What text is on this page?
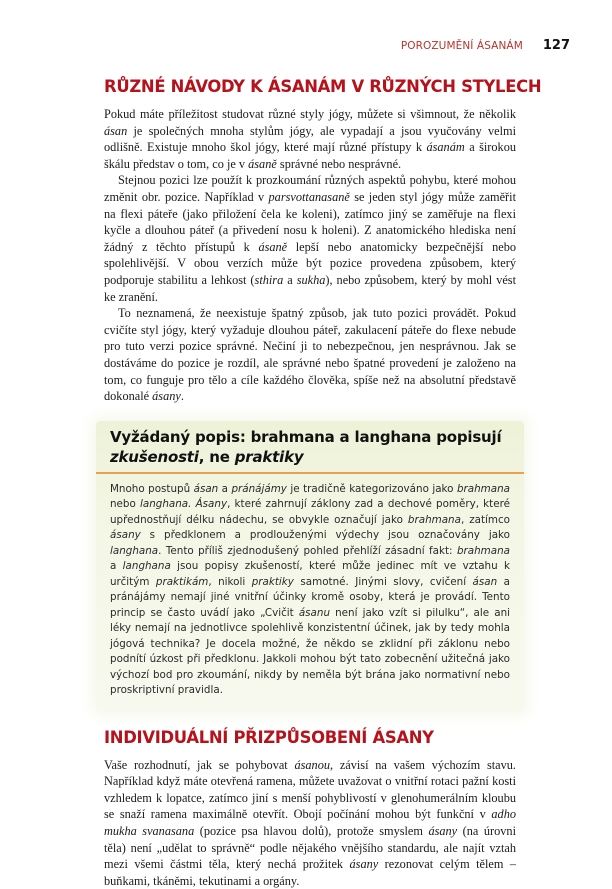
POROZUMĚNÍ ÁSANÁM 127
RŮZNÉ NÁVODY K ÁSANÁM V RŮZNÝCH STYLECH

Pokud máte příležitost studovat různé styly jógy, můžete si všimnout, že několik ásan je společných mnoha stylům jógy, ale vypadají a jsou vyučovány velmi odlišně. Existuje mnoho škol jógy, které mají různé přístupy k ásanám a širokou škálu představ o tom, co je v ásaně správné nebo nesprávné.

Stejnou pozici lze použít k prozkoumání různých aspektů pohybu, které mohou změnit obr. pozice. Například v parsvottanasaně se jeden styl jógy může zaměřit na flexi páteře (jako přiložení čela ke koleni), zatímco jiný se zaměřuje na flexi kyčle a dlouhou páteř (a přivedení nosu k holeni). Z anatomického hlediska není žádný z těchto přístupů k ásaně lepší nebo anatomicky bezpečnější nebo spolehlivější. V obou verzích může být pozice provedena způsobem, který podporuje stabilitu a lehkost (sthira a sukha), nebo způsobem, který by mohl vést ke zranění.

To neznamená, že neexistuje špatný způsob, jak tuto pozici provádět. Pokud cvičíte styl jógy, který vyžaduje dlouhou páteř, zakulacení páteře do flexe nebude pro tuto verzi pozice správné. Nečiní ji to nebezpečnou, jen nesprávnou. Jak se dostáváme do pozice je rozdíl, ale správné nebo špatné provedení je založeno na tom, co funguje pro tělo a cíle každého člověka, spíše než na absolutní představě dokonalé ásany.

Vyžádaný popis: brahmana a langhana popisují zkušenosti, ne praktiky

Mnoho postupů ásan a pránájámy je tradičně kategorizováno jako brahmana nebo langhana. Ásany, které zahrnují záklony zad a dechové poměry, které upřednostňují délku nádechu, se obvykle označují jako brahmana, zatímco ásany s předklonem a prodlouženými výdechy jsou označovány jako langhana. Tento příliš zjednodušený pohled přehlíží zásadní fakt: brahmana a langhana jsou popisy zkušeností, které může jedinec mít ve vztahu k určitým praktikám, nikoli praktiky samotné. Jinými slovy, cvičení ásan a pránájámy nemají jiné vnitřní účinky kromě osoby, která je provádí. Tento princip se často uvádí jako „Cvičit ásanu není jako vzít si pilulku“, ale ani léky nemají na jednotlivce spolehlivě konzistentní účinek, jak by tedy mohla jógová technika? Je docela možné, že někdo se zklidní při záklonu nebo podnítí úzkost při předklonu. Jakkoli mohou být tato zobecnění užitečná jako výchozí bod pro zkoumání, nikdy by neměla být brána jako normativní nebo proskriptivní pravidla.

INDIVIDUÁLNÍ PŘIZPŮSOBENÍ ÁSANY

Vaše rozhodnutí, jak se pohybovat ásanou, závisí na vašem výchozím stavu. Například když máte otevřená ramena, můžete uvažovat o vnitřní rotaci pažní kosti vzhledem k lopatce, zatímco jiní s menší pohyblivostí v glenohumerálním kloubu se snaží ramena maximálně otevřít. Obojí počínání mohou být funkční v adho mukha svanasana (pozice psa hlavou dolů), protože smyslem ásany (na úrovni těla) není „udělat to správně“ podle nějakého vnějšího standardu, ale najít vztah mezi všemi částmi těla, který nechá prožitek ásany rezonovat celým tělem – buňkami, tkáněmi, tekutinami a orgány.
